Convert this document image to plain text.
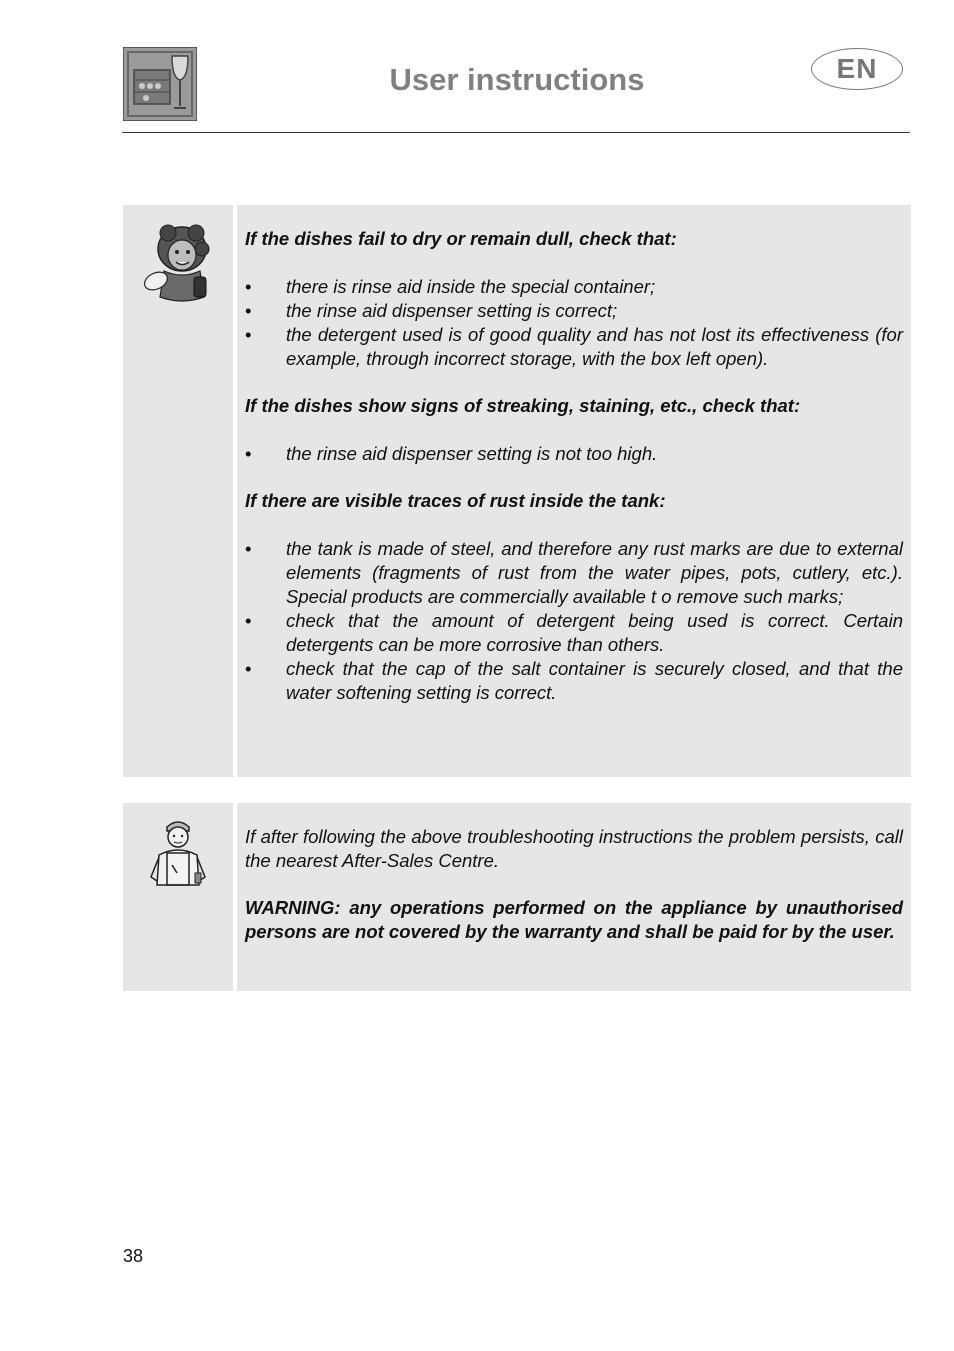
User instructions	EN

If the dishes fail to dry or remain dull, check that:

• there is rinse aid inside the special container;
• the rinse aid dispenser setting is correct;
• the detergent used is of good quality and has not lost its effectiveness (for example, through incorrect storage, with the box left open).

If the dishes show signs of streaking, staining, etc., check that:

• the rinse aid dispenser setting is not too high.

If there are visible traces of rust inside the tank:

• the tank is made of steel, and therefore any rust marks are due to external elements (fragments of rust from the water pipes, pots, cutlery, etc.). Special products are commercially available t o remove such marks;
• check that the amount of detergent being used is correct. Certain detergents can be more corrosive than others.
• check that the cap of the salt container is securely closed, and that the water softening setting is correct.

If after following the above troubleshooting instructions the problem persists, call the nearest After-Sales Centre.

WARNING: any operations performed on the appliance by unauthorised persons are not covered by the warranty and shall be paid for by the user.

38
